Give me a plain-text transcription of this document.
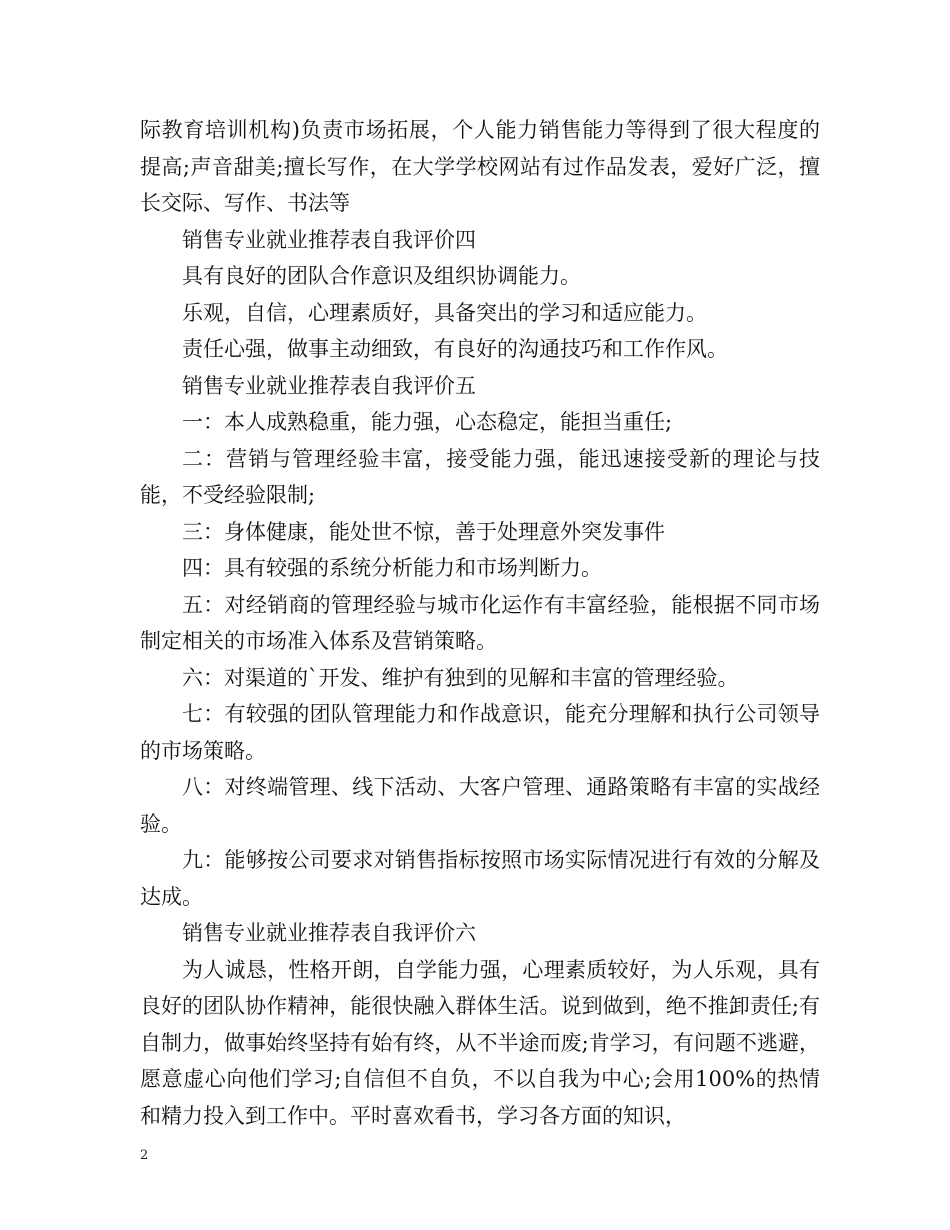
际教育培训机构)负责市场拓展，个人能力销售能力等得到了很大程度的提高;声音甜美;擅长写作，在大学学校网站有过作品发表，爱好广泛，擅长交际、写作、书法等

销售专业就业推荐表自我评价四

具有良好的团队合作意识及组织协调能力。

乐观，自信，心理素质好，具备突出的学习和适应能力。

责任心强，做事主动细致，有良好的沟通技巧和工作作风。

销售专业就业推荐表自我评价五

一：本人成熟稳重，能力强，心态稳定，能担当重任;

二：营销与管理经验丰富，接受能力强，能迅速接受新的理论与技能，不受经验限制;

三：身体健康，能处世不惊，善于处理意外突发事件

四：具有较强的系统分析能力和市场判断力。

五：对经销商的管理经验与城市化运作有丰富经验，能根据不同市场制定相关的市场准入体系及营销策略。

六：对渠道的`开发、维护有独到的见解和丰富的管理经验。

七：有较强的团队管理能力和作战意识，能充分理解和执行公司领导的市场策略。

八：对终端管理、线下活动、大客户管理、通路策略有丰富的实战经验。

九：能够按公司要求对销售指标按照市场实际情况进行有效的分解及达成。

销售专业就业推荐表自我评价六

为人诚恳，性格开朗，自学能力强，心理素质较好，为人乐观，具有良好的团队协作精神，能很快融入群体生活。说到做到，绝不推卸责任;有自制力，做事始终坚持有始有终，从不半途而废;肯学习，有问题不逃避，愿意虚心向他们学习;自信但不自负，不以自我为中心;会用100%的热情和精力投入到工作中。平时喜欢看书，学习各方面的知识，

2
